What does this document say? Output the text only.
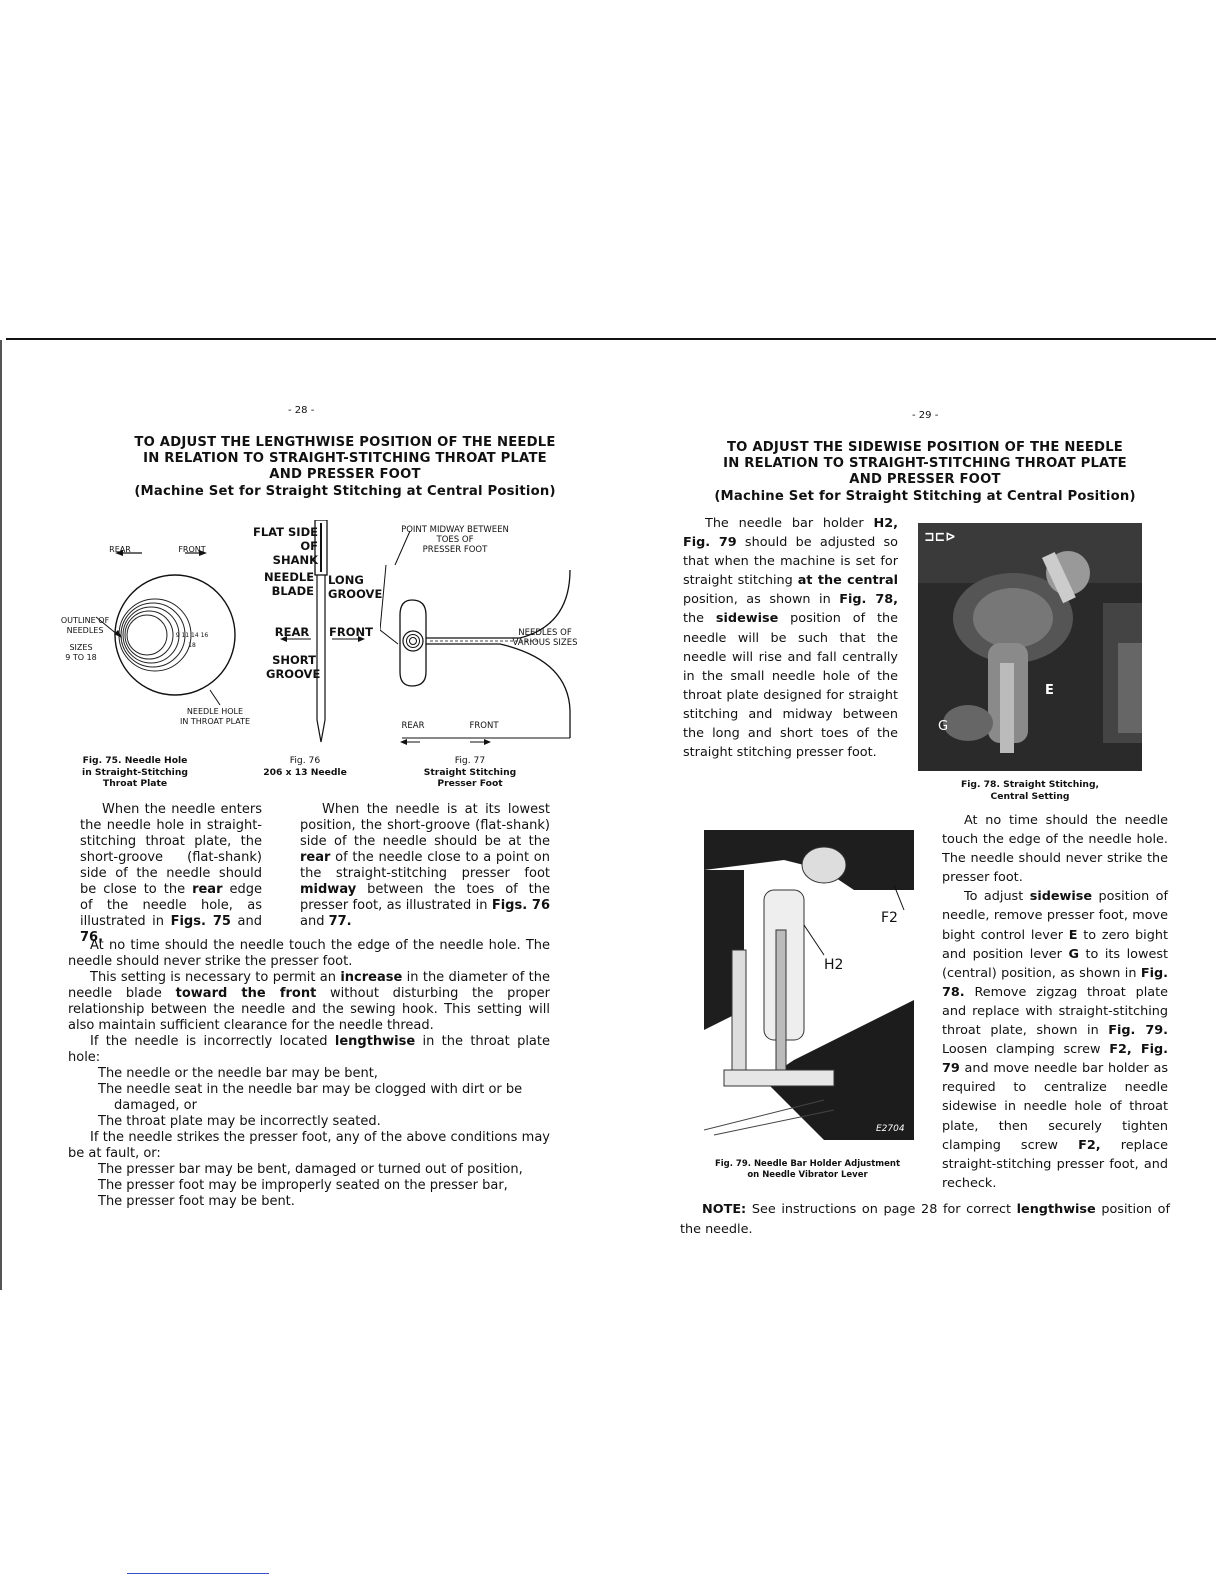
- 28 -
TO ADJUST THE LENGTHWISE POSITION OF THE NEEDLE
IN RELATION TO STRAIGHT-STITCHING THROAT PLATE
AND PRESSER FOOT
(Machine Set for Straight Stitching at Central Position)
REAR	FRONT
OUTLINE OF
NEEDLES
SIZES
9 TO 18
9 11 14 16 18
NEEDLE HOLE
IN THROAT PLATE
Fig. 75. Needle Hole
in Straight-Stitching
Throat Plate
FLAT SIDE
OF SHANK
NEEDLE
BLADE
LONG
GROOVE
REAR FRONT
SHORT
GROOVE
Fig. 76
206 x 13 Needle
POINT MIDWAY BETWEEN
TOES OF
PRESSER FOOT
NEEDLES OF
VARIOUS SIZES
REAR	FRONT
Fig. 77
Straight Stitching
Presser Foot

When the needle enters the needle hole in straight-stitching throat plate, the short-groove (flat-shank) side of the needle should be close to the rear edge of the needle hole, as illustrated in Figs. 75 and 76.

When the needle is at its lowest position, the short-groove (flat-shank) side of the needle should be at the rear of the needle close to a point on the straight-stitching presser foot midway between the toes of the presser foot, as illustrated in Figs. 76 and 77.

At no time should the needle touch the edge of the needle hole. The needle should never strike the presser foot.

This setting is necessary to permit an increase in the diameter of the needle blade toward the front without disturbing the proper relationship between the needle and the sewing hook. This setting will also maintain sufficient clearance for the needle thread.

If the needle is incorrectly located lengthwise in the throat plate hole:

The needle or the needle bar may be bent,

The needle seat in the needle bar may be clogged with dirt or be damaged, or

The throat plate may be incorrectly seated.

If the needle strikes the presser foot, any of the above conditions may be at fault, or:

The presser bar may be bent, damaged or turned out of position,

The presser foot may be improperly seated on the presser bar,

The presser foot may be bent.

- 29 -
TO ADJUST THE SIDEWISE POSITION OF THE NEEDLE
IN RELATION TO STRAIGHT-STITCHING THROAT PLATE
AND PRESSER FOOT
(Machine Set for Straight Stitching at Central Position)

The needle bar holder H2, Fig. 79 should be adjusted so that when the machine is set for straight stitching at the central position, as shown in Fig. 78, the sidewise position of the needle will be such that the needle will rise and fall centrally in the small needle hole of the throat plate designed for straight stitching and midway between the long and short toes of the straight stitching presser foot.

⊐⊏⊳
G
E
Fig. 78. Straight Stitching,
Central Setting
F2
H2
E2704
Fig. 79. Needle Bar Holder Adjustment
on Needle Vibrator Lever

At no time should the needle touch the edge of the needle hole. The needle should never strike the presser foot.

To adjust sidewise position of needle, remove presser foot, move bight control lever E to zero bight and position lever G to its lowest (central) position, as shown in Fig. 78. Remove zigzag throat plate and replace with straight-stitching throat plate, shown in Fig. 79. Loosen clamping screw F2, Fig. 79 and move needle bar holder as required to centralize needle sidewise in needle hole of throat plate, then securely tighten clamping screw F2, replace straight-stitching presser foot, and recheck.

NOTE: See instructions on page 28 for correct lengthwise position of the needle.
